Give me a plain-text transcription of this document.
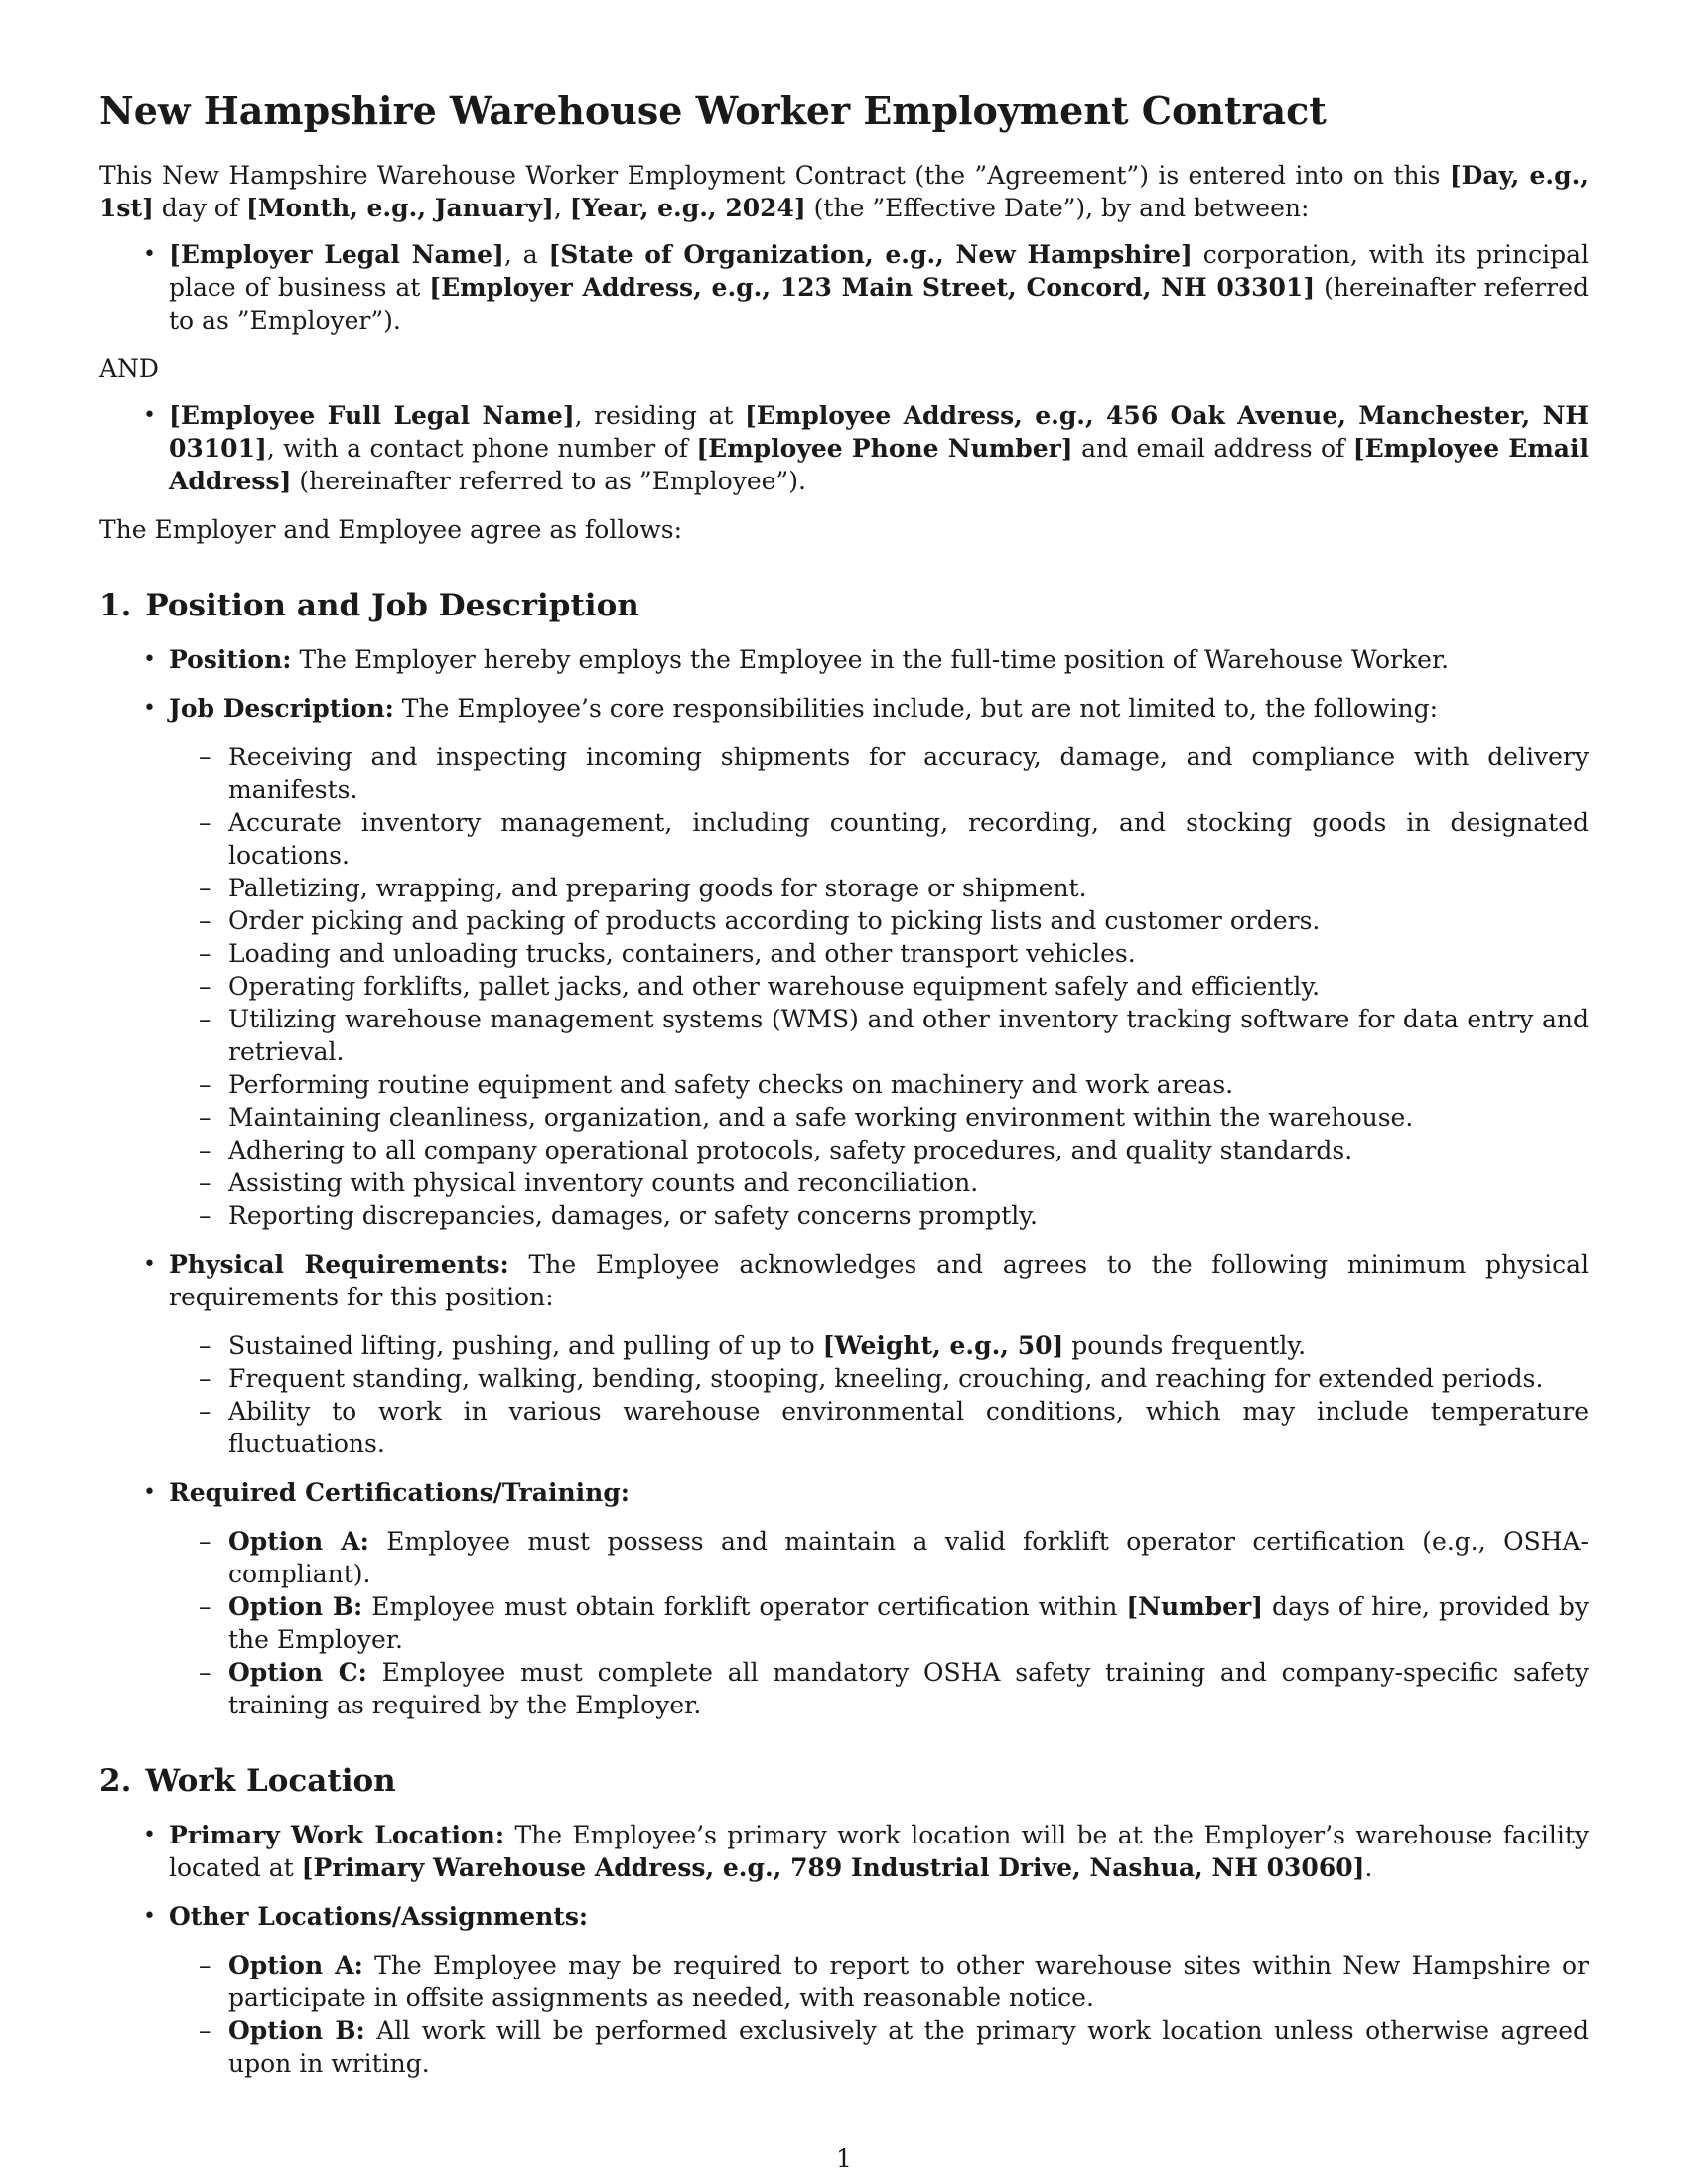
New Hampshire Warehouse Worker Employment Contract

This New Hampshire Warehouse Worker Employment Contract (the ”Agreement”) is entered into on this [Day, e.g., 1st] day of [Month, e.g., January], [Year, e.g., 2024] (the ”Effective Date”), by and between:

• [Employer Legal Name], a [State of Organization, e.g., New Hampshire] corporation, with its principal place of business at [Employer Address, e.g., 123 Main Street, Concord, NH 03301] (hereinafter referred to as ”Employer”).

AND

• [Employee Full Legal Name], residing at [Employee Address, e.g., 456 Oak Avenue, Manchester, NH 03101], with a contact phone number of [Employee Phone Number] and email address of [Employee Email Address] (hereinafter referred to as ”Employee”).

The Employer and Employee agree as follows:

1. Position and Job Description
• Position: The Employer hereby employs the Employee in the full-time position of Warehouse Worker.
• Job Description: The Employee’s core responsibilities include, but are not limited to, the following:
– Receiving and inspecting incoming shipments for accuracy, damage, and compliance with delivery manifests.
– Accurate inventory management, including counting, recording, and stocking goods in designated locations.
– Palletizing, wrapping, and preparing goods for storage or shipment.
– Order picking and packing of products according to picking lists and customer orders.
– Loading and unloading trucks, containers, and other transport vehicles.
– Operating forklifts, pallet jacks, and other warehouse equipment safely and efficiently.
– Utilizing warehouse management systems (WMS) and other inventory tracking software for data entry and retrieval.
– Performing routine equipment and safety checks on machinery and work areas.
– Maintaining cleanliness, organization, and a safe working environment within the warehouse.
– Adhering to all company operational protocols, safety procedures, and quality standards.
– Assisting with physical inventory counts and reconciliation.
– Reporting discrepancies, damages, or safety concerns promptly.
• Physical Requirements: The Employee acknowledges and agrees to the following minimum physical requirements for this position:
– Sustained lifting, pushing, and pulling of up to [Weight, e.g., 50] pounds frequently.
– Frequent standing, walking, bending, stooping, kneeling, crouching, and reaching for extended periods.
– Ability to work in various warehouse environmental conditions, which may include temperature fluctuations.
• Required Certifications/Training:
– Option A: Employee must possess and maintain a valid forklift operator certification (e.g., OSHA-compliant).
– Option B: Employee must obtain forklift operator certification within [Number] days of hire, provided by the Employer.
– Option C: Employee must complete all mandatory OSHA safety training and company-specific safety training as required by the Employer.
2. Work Location
• Primary Work Location: The Employee’s primary work location will be at the Employer’s warehouse facility located at [Primary Warehouse Address, e.g., 789 Industrial Drive, Nashua, NH 03060].
• Other Locations/Assignments:
– Option A: The Employee may be required to report to other warehouse sites within New Hampshire or participate in offsite assignments as needed, with reasonable notice.
– Option B: All work will be performed exclusively at the primary work location unless otherwise agreed upon in writing.
1
